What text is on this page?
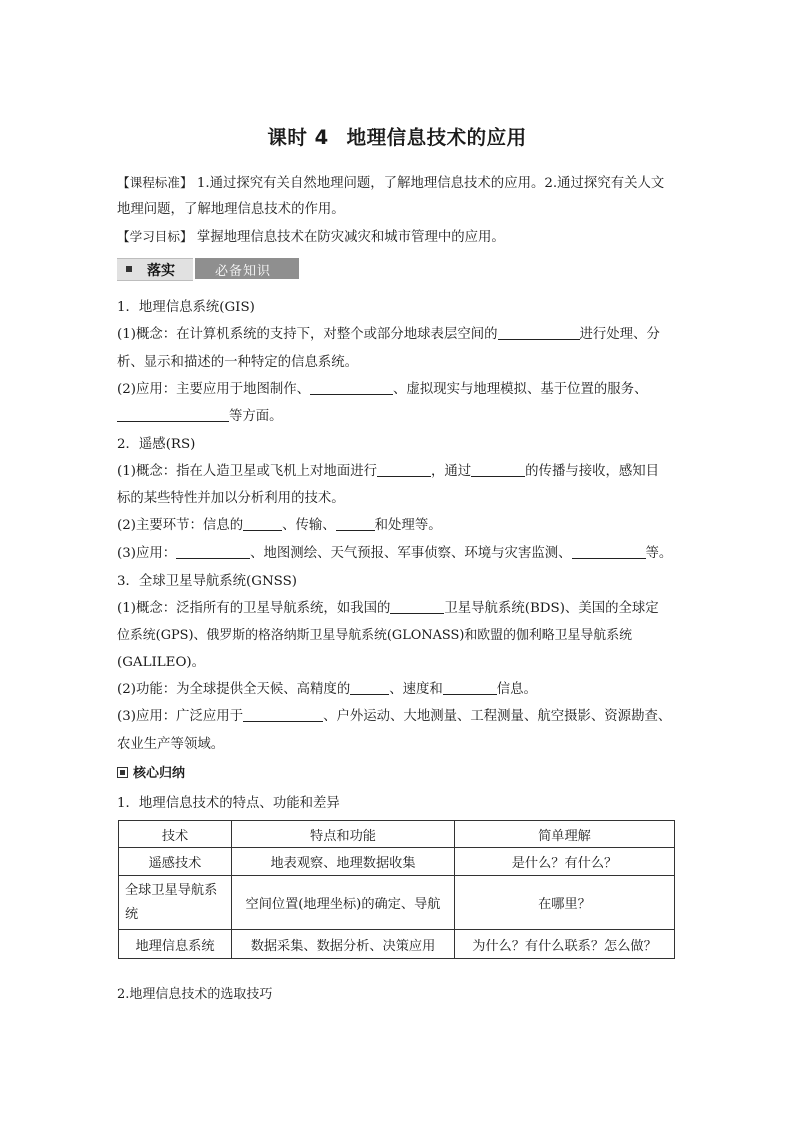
课时 4 地理信息技术的应用
【课程标准】 1.通过探究有关自然地理问题，了解地理信息技术的应用。2.通过探究有关人文
地理问题，了解地理信息技术的作用。
【学习目标】 掌握地理信息技术在防灾减灾和城市管理中的应用。
落实	必备知识
1．地理信息系统(GIS)
(1)概念：在计算机系统的支持下，对整个或部分地球表层空间的	进行处理、分
析、显示和描述的一种特定的信息系统。
(2)应用：主要应用于地图制作、	、虚拟现实与地理模拟、基于位置的服务、
等方面。
2．遥感(RS)
(1)概念：指在人造卫星或飞机上对地面进行	，通过	的传播与接收，感知目
标的某些特性并加以分析利用的技术。
(2)主要环节：信息的	、传输、	和处理等。
(3)应用：	、地图测绘、天气预报、军事侦察、环境与灾害监测、	等。
3．全球卫星导航系统(GNSS)
(1)概念：泛指所有的卫星导航系统，如我国的	卫星导航系统(BDS)、美国的全球定
位系统(GPS)、俄罗斯的格洛纳斯卫星导航系统(GLONASS)和欧盟的伽利略卫星导航系统
(GALILEO)。
(2)功能：为全球提供全天候、高精度的	、速度和	信息。
(3)应用：广泛应用于	、户外运动、大地测量、工程测量、航空摄影、资源勘查、
农业生产等领域。
核心归纳
1．地理信息技术的特点、功能和差异
技术	特点和功能	简单理解
遥感技术	地表观察、地理数据收集	是什么？有什么？
全球卫星导航系统	空间位置(地理坐标)的确定、导航	在哪里？
地理信息系统	数据采集、数据分析、决策应用	为什么？有什么联系？怎么做？
2.地理信息技术的选取技巧
